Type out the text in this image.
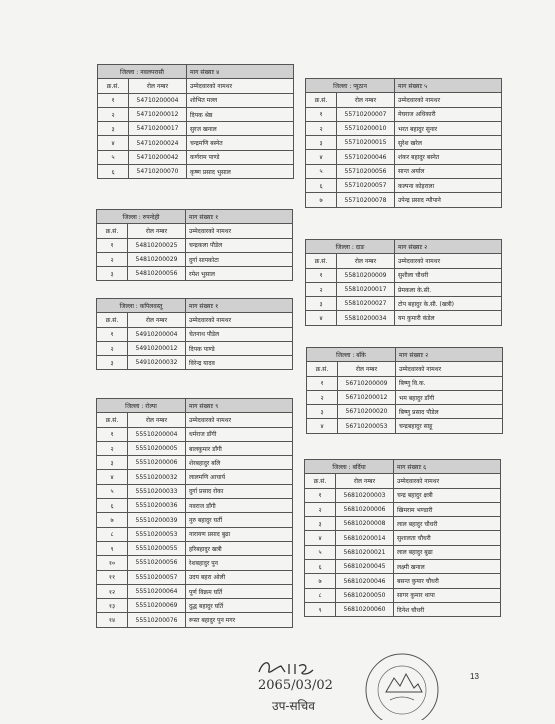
जिल्ला : नवलपरासी		माग संख्याः ४
क्र.सं.	रोल नम्बर	उम्मेदवारको नामथर
१	54710200004	शोभित मल्ल
२	54710200012	दिपक श्रेष्ठ
३	54710200017	सुरज खनाल
४	54710200024	चन्द्रमणि बस्नेत
५	54710200042	कर्णराम पाण्डे
६	54710200070	कृष्ण प्रसाद भुसाल
जिल्ला : रुपन्देही		माग संख्याः १
क्र.सं.	रोल नम्बर	उम्मेदवारको नामथर
१	54810200025	चन्द्रकला पौडेल
२	54810200029	दुर्गा सापकोटा
३	54810200056	रमेश भुसाल
जिल्ला : कपिलवस्तु		माग संख्याः १
क्र.सं.	रोल नम्बर	उम्मेदवारको नामथर
१	54910200004	चेतनाथ पौडेल
२	54910200012	दिपक पाण्डे
३	54910200032	विरेन्द्र यादव
जिल्ला : रोल्पा		माग संख्याः ९
क्र.सं.	रोल नम्बर	उम्मेदवारको नामथर
१	55510200004	धर्मराज डाँगी
२	55510200005	बालकुमार डाँगी
३	55510200006	शेरबहादुर बलि
४	55510200032	लालमणि आचार्य
५	55510200033	दुर्गा प्रसाद रोका
६	55510200036	नवराज डाँगी
७	55510200039	नुरु बहादुर घर्ती
८	55510200053	नारायण प्रसाद बुढा
९	55510200055	हरिबहादुर खत्री
१०	55510200056	रेशबहादुर पुन
११	55510200057	उदय बहरा ओली
१२	55510200064	पूर्ण विक्रम घर्ति
१३	55510200069	दुद्ध बहादुर घर्ति
१४	55510200076	रूस्त बहादुर पुन मगर
जिल्ला : प्युठान		माग संख्याः ५
क्र.सं.	रोल नम्बर	उम्मेदवारको नामथर
१	55710200007	मेघराज अधिकारी
२	55710200010	भरत बहादुर सुनार
३	55710200015	सुरेश खरेल
४	55710200046	शंकर बहादुर बस्नेत
५	55710200056	सान्त अर्याल
६	55710200057	कल्पना कोइराला
७	55710200078	उपेन्द्र प्रसाद न्यौपाने
जिल्ला : दाङ		माग संख्याः २
क्र.सं.	रोल नम्बर	उम्मेदवारको नामथर
१	55810200009	सुशीला चौधरी
२	55810200017	प्रेमकला के.सी.
३	55810200027	टोप बहादुर के.सी. (खत्री)
४	55810200034	यम कुमारी कंडेल
जिल्ला : बाँके		माग संख्याः २
क्र.सं.	रोल नम्बर	उम्मेदवारको नामथर
१	56710200009	बिष्णु वि.क.
२	56710200012	भम बहादुर डाँगी
३	56710200020	बिष्णु प्रसाद पौडेल
४	56710200053	चन्द्रबहादुर साहू
जिल्ला : बर्दिया		माग संख्याः ६
क्र.सं.	रोल नम्बर	उम्मेदवारको नामथर
१	56810200003	चन्द्र बहादुर क्षत्री
२	56810200006	खिमराम भण्डारी
३	56810200008	लाल बहादुर चौधरी
४	56810200014	सुशालता चौधरी
५	56810200021	लाल बहादुर बुढा
६	56810200045	लक्ष्मी खनाल
७	56810200046	बसन्त कुमार चौधरी
८	56810200050	सागर कुमार थापा
९	56810200060	दिनेश चौधरी
2065/03/02
उप-सचिव
13
